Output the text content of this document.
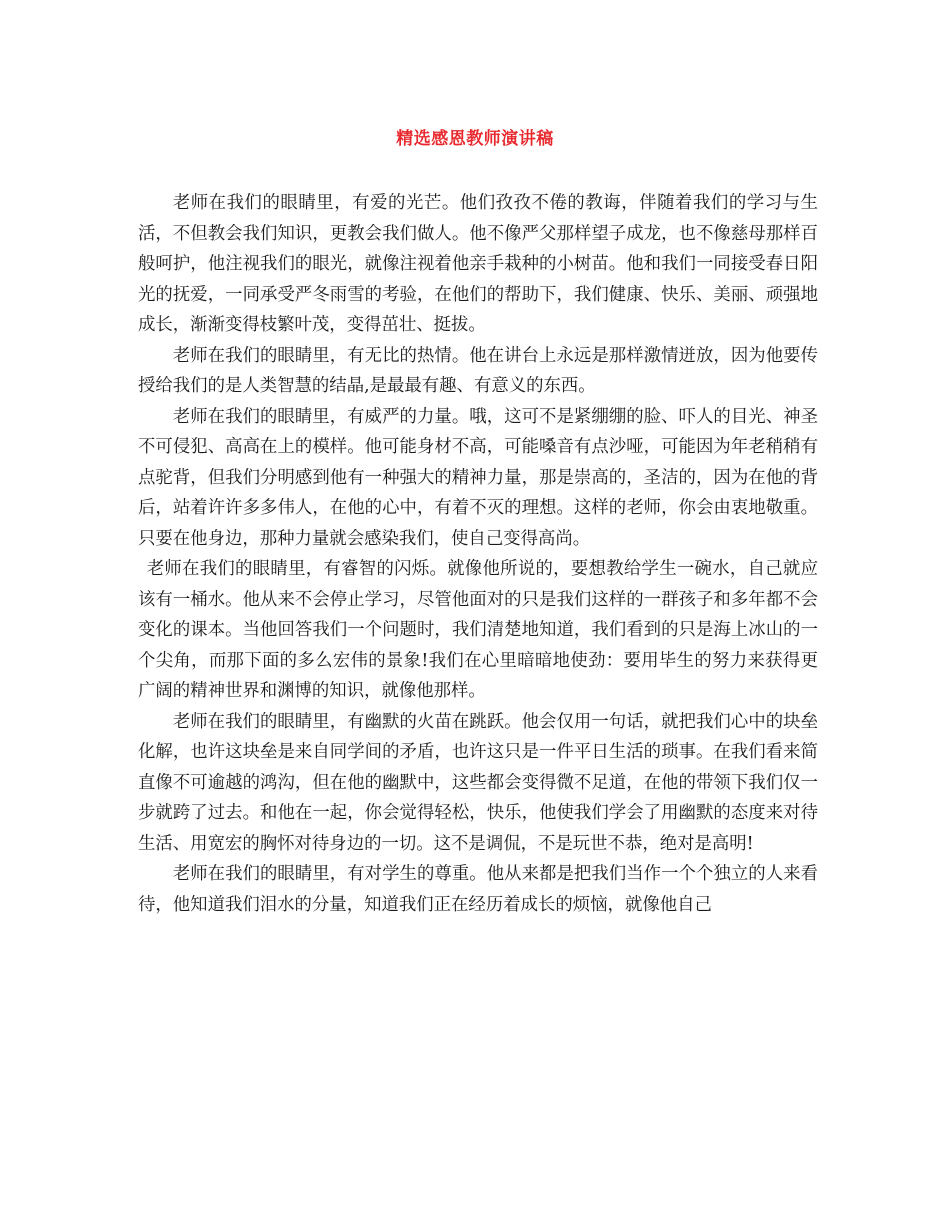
精选感恩教师演讲稿

老师在我们的眼睛里，有爱的光芒。他们孜孜不倦的教诲，伴随着我们的学习与生活，不但教会我们知识，更教会我们做人。他不像严父那样望子成龙，也不像慈母那样百般呵护，他注视我们的眼光，就像注视着他亲手栽种的小树苗。他和我们一同接受春日阳光的抚爱，一同承受严冬雨雪的考验，在他们的帮助下，我们健康、快乐、美丽、顽强地成长，渐渐变得枝繁叶茂，变得茁壮、挺拔。

老师在我们的眼睛里，有无比的热情。他在讲台上永远是那样激情迸放，因为他要传授给我们的是人类智慧的结晶,是最最有趣、有意义的东西。

老师在我们的眼睛里，有威严的力量。哦，这可不是紧绷绷的脸、吓人的目光、神圣不可侵犯、高高在上的模样。他可能身材不高，可能嗓音有点沙哑，可能因为年老稍稍有点驼背，但我们分明感到他有一种强大的精神力量，那是崇高的，圣洁的，因为在他的背后，站着许许多多伟人，在他的心中，有着不灭的理想。这样的老师，你会由衷地敬重。只要在他身边，那种力量就会感染我们，使自己变得高尚。

老师在我们的眼睛里，有睿智的闪烁。就像他所说的，要想教给学生一碗水，自己就应该有一桶水。他从来不会停止学习，尽管他面对的只是我们这样的一群孩子和多年都不会变化的课本。当他回答我们一个问题时，我们清楚地知道，我们看到的只是海上冰山的一个尖角，而那下面的多么宏伟的景象!我们在心里暗暗地使劲：要用毕生的努力来获得更广阔的精神世界和渊博的知识，就像他那样。

老师在我们的眼睛里，有幽默的火苗在跳跃。他会仅用一句话，就把我们心中的块垒化解，也许这块垒是来自同学间的矛盾，也许这只是一件平日生活的琐事。在我们看来简直像不可逾越的鸿沟，但在他的幽默中，这些都会变得微不足道，在他的带领下我们仅一步就跨了过去。和他在一起，你会觉得轻松，快乐，他使我们学会了用幽默的态度来对待生活、用宽宏的胸怀对待身边的一切。这不是调侃，不是玩世不恭，绝对是高明!

老师在我们的眼睛里，有对学生的尊重。他从来都是把我们当作一个个独立的人来看待，他知道我们泪水的分量，知道我们正在经历着成长的烦恼，就像他自己
